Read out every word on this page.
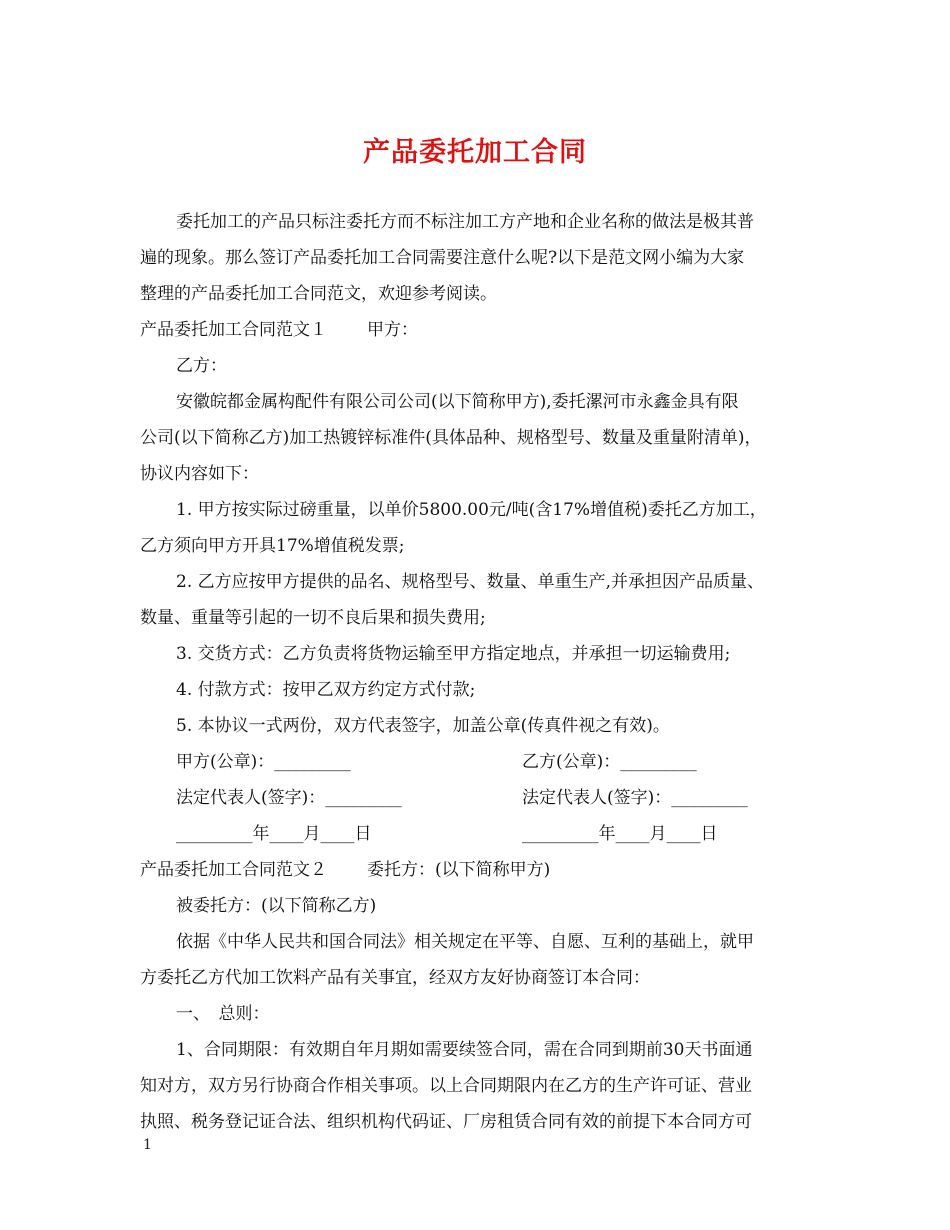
产品委托加工合同
委托加工的产品只标注委托方而不标注加工方产地和企业名称的做法是极其普
遍的现象。那么签订产品委托加工合同需要注意什么呢?以下是范文网小编为大家
整理的产品委托加工合同范文，欢迎参考阅读。
产品委托加工合同范文１ 甲方：
乙方：
安徽皖都金属构配件有限公司公司(以下简称甲方),委托漯河市永鑫金具有限
公司(以下简称乙方)加工热镀锌标准件(具体品种、规格型号、数量及重量附清单)，
协议内容如下：
1. 甲方按实际过磅重量，以单价5800.00元/吨(含17%增值税)委托乙方加工，
乙方须向甲方开具17%增值税发票;
2. 乙方应按甲方提供的品名、规格型号、数量、单重生产,并承担因产品质量、
数量、重量等引起的一切不良后果和损失费用;
3. 交货方式：乙方负责将货物运输至甲方指定地点，并承担一切运输费用;
4. 付款方式：按甲乙双方约定方式付款;
5. 本协议一式两份，双方代表签字，加盖公章(传真件视之有效)。
甲方(公章)：_________	乙方(公章)：_________
法定代表人(签字)：_________	法定代表人(签字)：_________
_________年____月____日	_________年____月____日
产品委托加工合同范文２ 委托方：(以下简称甲方)
被委托方：(以下简称乙方)
依据《中华人民共和国合同法》相关规定在平等、自愿、互利的基础上，就甲
方委托乙方代加工饮料产品有关事宜，经双方友好协商签订本合同：
一、　总则：
1、合同期限：有效期自年月期如需要续签合同，需在合同到期前30天书面通
知对方，双方另行协商合作相关事项。以上合同期限内在乙方的生产许可证、营业
执照、税务登记证合法、组织机构代码证、厂房租赁合同有效的前提下本合同方可
1
